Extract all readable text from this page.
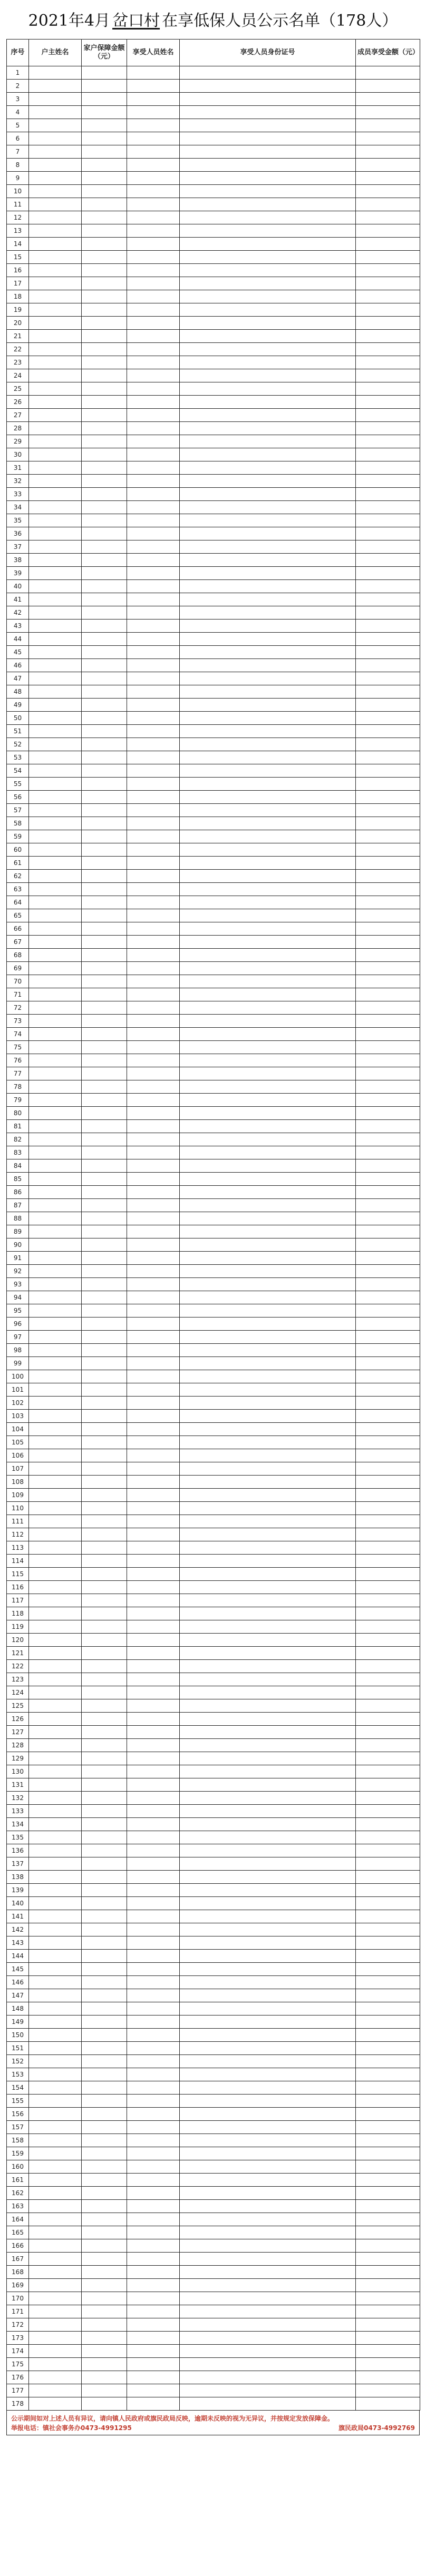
2021年4月 岔口村 在享低保人员公示名单（178人）
序号	户主姓名	家户保障金额（元）	享受人员姓名	享受人员身份证号	成员享受金额（元）
1					
2					
3					
4					
5					
6					
7					
8					
9					
10					
11					
12					
13					
14					
15					
16					
17					
18					
19					
20					
21					
22					
23					
24					
25					
26					
27					
28					
29					
30					
31					
32					
33					
34					
35					
36					
37					
38					
39					
40					
41					
42					
43					
44					
45					
46					
47					
48					
49					
50					
51					
52					
53					
54					
55					
56					
57					
58					
59					
60					
61					
62					
63					
64					
65					
66					
67					
68					
69					
70					
71					
72					
73					
74					
75					
76					
77					
78					
79					
80					
81					
82					
83					
84					
85					
86					
87					
88					
89					
90					
91					
92					
93					
94					
95					
96					
97					
98					
99					
100					
101					
102					
103					
104					
105					
106					
107					
108					
109					
110					
111					
112					
113					
114					
115					
116					
117					
118					
119					
120					
121					
122					
123					
124					
125					
126					
127					
128					
129					
130					
131					
132					
133					
134					
135					
136					
137					
138					
139					
140					
141					
142					
143					
144					
145					
146					
147					
148					
149					
150					
151					
152					
153					
154					
155					
156					
157					
158					
159					
160					
161					
162					
163					
164					
165					
166					
167					
168					
169					
170					
171					
172					
173					
174					
175					
176					
177					
178					
公示期间如对上述人员有异议，请向镇人民政府或旗民政局反映，逾期未反映的视为无异议，并按规定发放保障金。
举报电话：镇社会事务办0473-4991295	旗民政局0473-4992769
